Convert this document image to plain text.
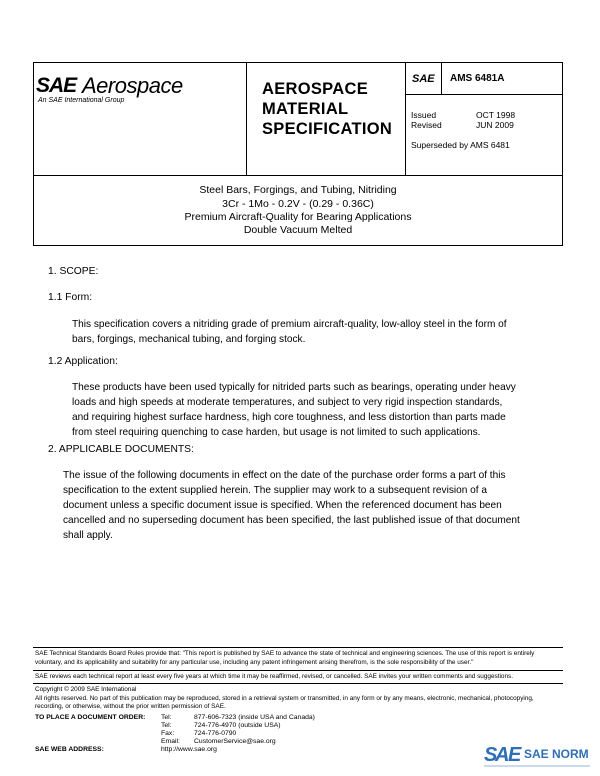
SAE Aerospace
An SAE International Group
AEROSPACE
MATERIAL
SPECIFICATION
SAE AMS 6481A
Issued	OCT 1998
Revised	JUN 2009
Superseded by AMS 6481
Steel Bars, Forgings, and Tubing, Nitriding
3Cr - 1Mo - 0.2V - (0.29 - 0.36C)
Premium Aircraft-Quality for Bearing Applications
Double Vacuum Melted
1. SCOPE:
1.1 Form:
This specification covers a nitriding grade of premium aircraft-quality, low-alloy steel in the form of
bars, forgings, mechanical tubing, and forging stock.
1.2 Application:
These products have been used typically for nitrided parts such as bearings, operating under heavy
loads and high speeds at moderate temperatures, and subject to very rigid inspection standards,
and requiring highest surface hardness, high core toughness, and less distortion than parts made
from steel requiring quenching to case harden, but usage is not limited to such applications.
2. APPLICABLE DOCUMENTS:
The issue of the following documents in effect on the date of the purchase order forms a part of this
specification to the extent supplied herein. The supplier may work to a subsequent revision of a
document unless a specific document issue is specified. When the referenced document has been
cancelled and no superseding document has been specified, the last published issue of that document
shall apply.
SAE Technical Standards Board Rules provide that: "This report is published by SAE to advance the state of technical and engineering sciences. The use of this report is entirely
voluntary, and its applicability and suitability for any particular use, including any patent infringement arising therefrom, is the sole responsibility of the user."
SAE reviews each technical report at least every five years at which time it may be reaffirmed, revised, or cancelled. SAE invites your written comments and suggestions.
Copyright © 2009 SAE International
All rights reserved. No part of this publication may be reproduced, stored in a retrieval system or transmitted, in any form or by any means, electronic, mechanical, photocopying,
recording, or otherwise, without the prior written permission of SAE.
TO PLACE A DOCUMENT ORDER: Tel:	877-606-7323 (inside USA and Canada)
Tel:	724-776-4970 (outside USA)
Fax:	724-776-0790
Email: CustomerService@sae.org
SAE WEB ADDRESS:	http://www.sae.org	S
A
E SAE NORM
